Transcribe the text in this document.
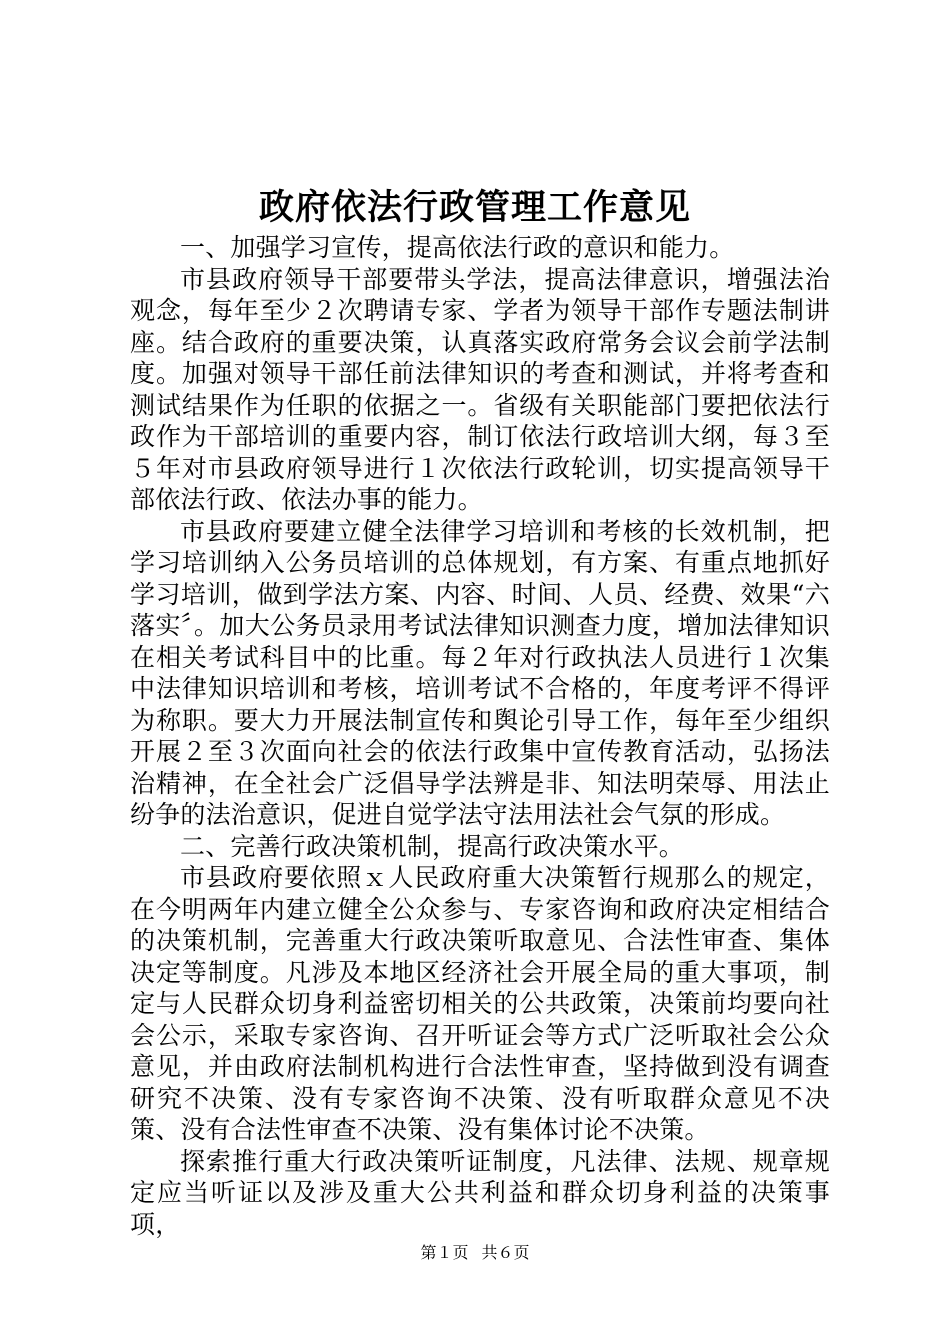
政府依法行政管理工作意见

一、加强学习宣传，提高依法行政的意识和能力。

市县政府领导干部要带头学法，提高法律意识，增强法治观念，每年至少２次聘请专家、学者为领导干部作专题法制讲座。结合政府的重要决策，认真落实政府常务会议会前学法制度。加强对领导干部任前法律知识的考查和测试，并将考查和测试结果作为任职的依据之一。省级有关职能部门要把依法行政作为干部培训的重要内容，制订依法行政培训大纲，每３至５年对市县政府领导进行１次依法行政轮训，切实提高领导干部依法行政、依法办事的能力。

市县政府要建立健全法律学习培训和考核的长效机制，把学习培训纳入公务员培训的总体规划，有方案、有重点地抓好学习培训，做到学法方案、内容、时间、人员、经费、效果“六落实〞。加大公务员录用考试法律知识测查力度，增加法律知识在相关考试科目中的比重。每２年对行政执法人员进行１次集中法律知识培训和考核，培训考试不合格的，年度考评不得评为称职。要大力开展法制宣传和舆论引导工作，每年至少组织开展２至３次面向社会的依法行政集中宣传教育活动，弘扬法治精神，在全社会广泛倡导学法辨是非、知法明荣辱、用法止纷争的法治意识，促进自觉学法守法用法社会气氛的形成。

二、完善行政决策机制，提高行政决策水平。

市县政府要依照ｘ人民政府重大决策暂行规那么的规定，在今明两年内建立健全公众参与、专家咨询和政府决定相结合的决策机制，完善重大行政决策听取意见、合法性审查、集体决定等制度。凡涉及本地区经济社会开展全局的重大事项，制定与人民群众切身利益密切相关的公共政策，决策前均要向社会公示，采取专家咨询、召开听证会等方式广泛听取社会公众意见，并由政府法制机构进行合法性审查，坚持做到没有调查研究不决策、没有专家咨询不决策、没有听取群众意见不决策、没有合法性审查不决策、没有集体讨论不决策。

探索推行重大行政决策听证制度，凡法律、法规、规章规定应当听证以及涉及重大公共利益和群众切身利益的决策事项，

第１页 共６页
